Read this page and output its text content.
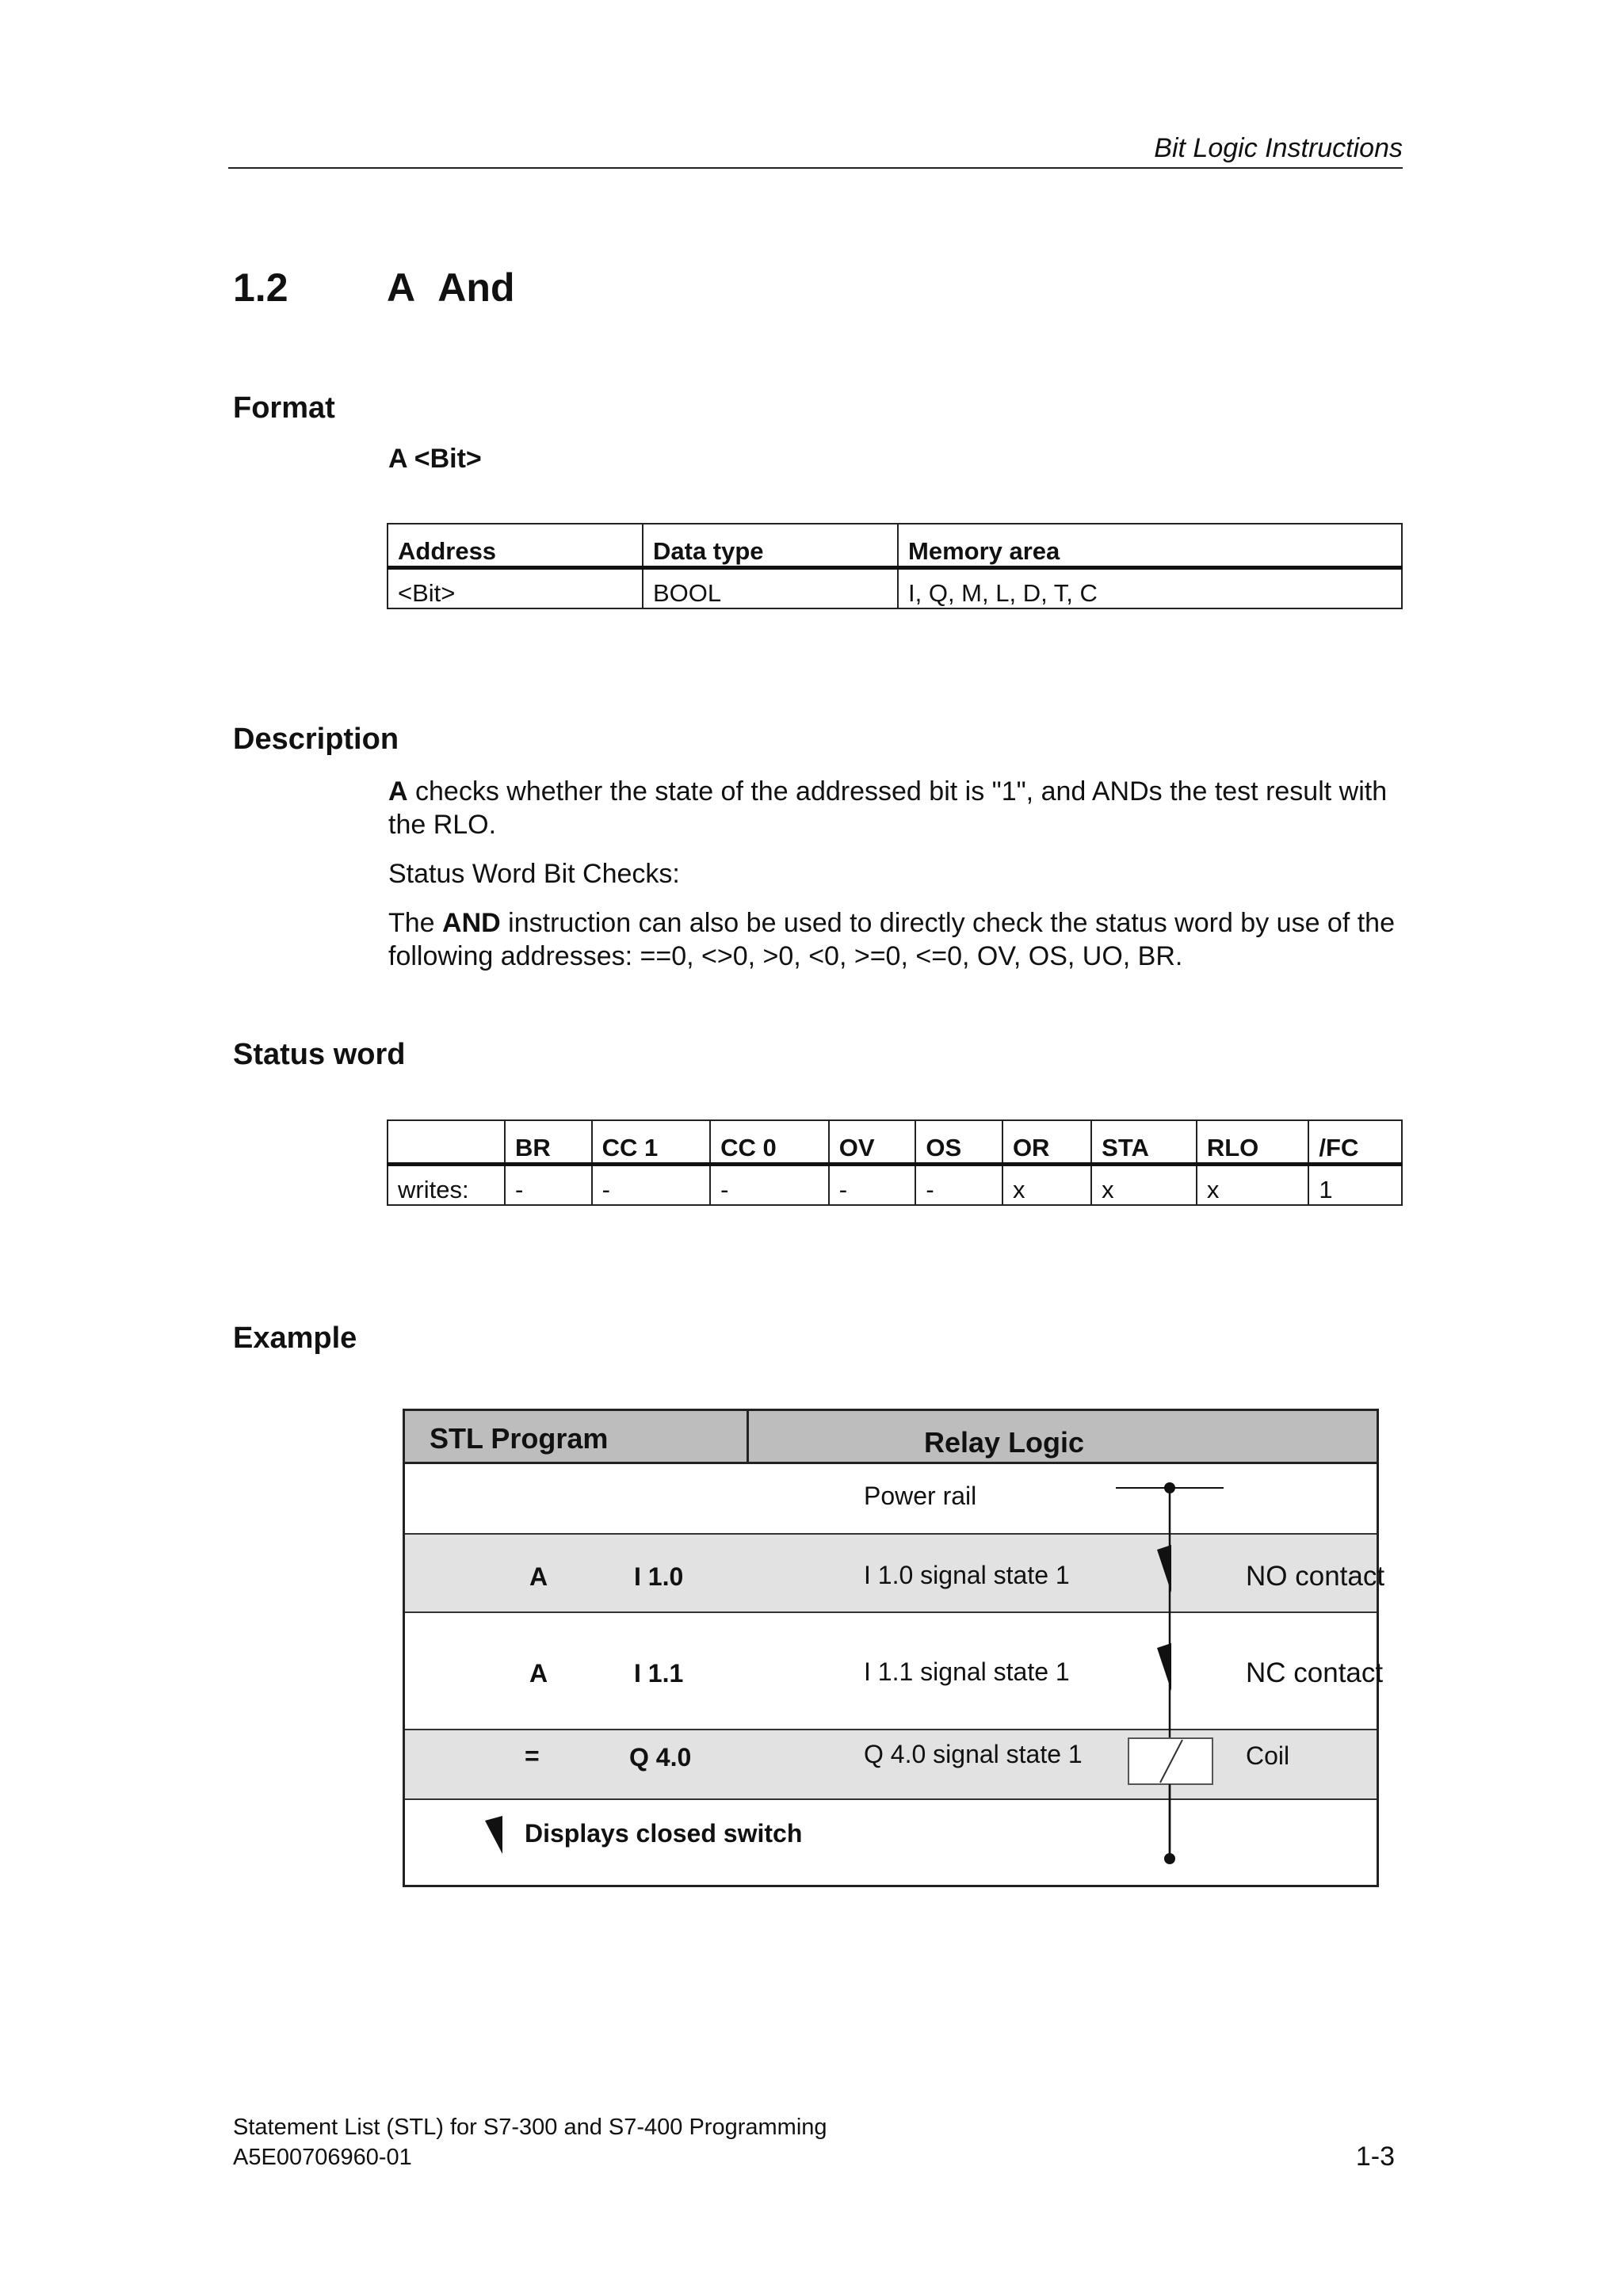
Bit Logic Instructions
1.2 A And
Format
A <Bit>
Address	Data type	Memory area
<Bit>	BOOL	I, Q, M, L, D, T, C
Description
A checks whether the state of the addressed bit is "1", and ANDs the test result with the RLO.
Status Word Bit Checks:
The AND instruction can also be used to directly check the status word by use of the following addresses: ==0, <>0, >0, <0, >=0, <=0, OV, OS, UO, BR.
Status word
	BR	CC 1	CC 0	OV	OS	OR	STA	RLO	/FC
writes:	-	-	-	-	-	x	x	x	1
Example
STL Program	Relay Logic
Power rail
A	I 1.0	I 1.0 signal state 1	NO contact
A	I 1.1	I 1.1 signal state 1	NC contact
=	Q 4.0	Q 4.0 signal state 1	Coil
Displays closed switch
Statement List (STL) for S7-300 and S7-400 Programming
A5E00706960-01	1-3
